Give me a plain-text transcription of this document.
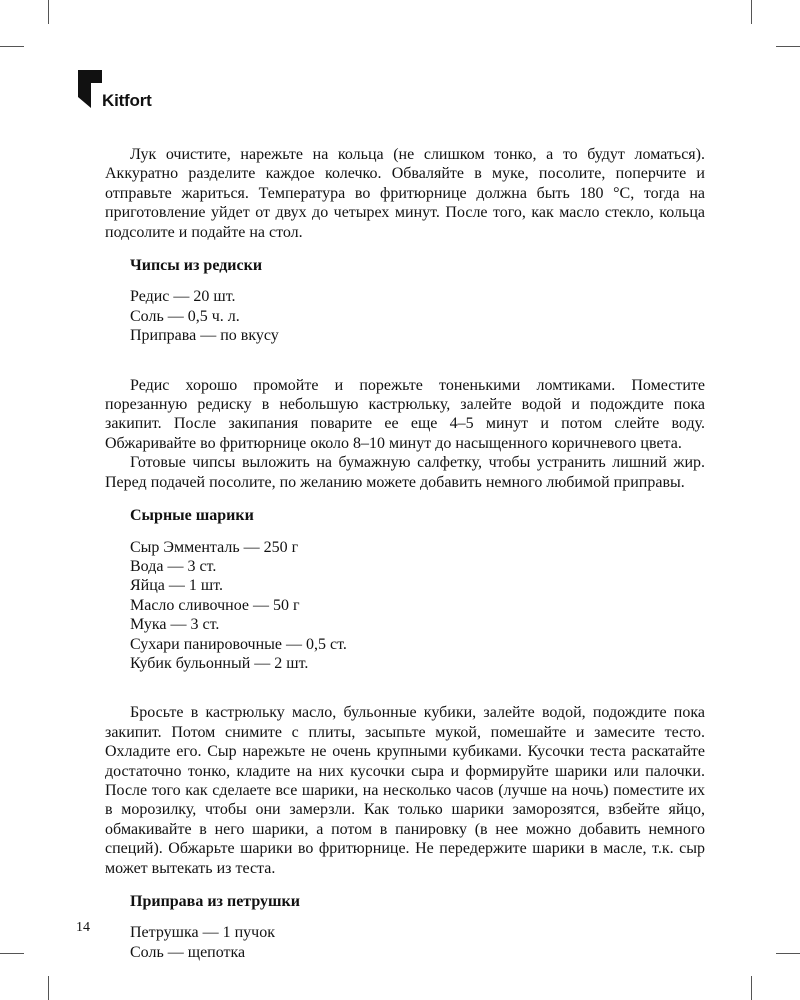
Kitfort

Лук очистите, нарежьте на кольца (не слишком тонко, а то будут ломаться). Аккуратно разделите каждое колечко. Обваляйте в муке, посолите, поперчите и отправьте жариться. Температура во фритюрнице должна быть 180 °С, тогда на приготовление уйдет от двух до четырех минут. После того, как масло стекло, кольца подсолите и подайте на стол.

Чипсы из редиски
Редис — 20 шт.
Соль — 0,5 ч. л.
Приправа — по вкусу

Редис хорошо промойте и порежьте тоненькими ломтиками. Поместите порезанную редиску в небольшую кастрюльку, залейте водой и подождите пока закипит. После закипания поварите ее еще 4–5 минут и потом слейте воду. Обжаривайте во фритюрнице около 8–10 минут до насыщенного коричневого цвета.

Готовые чипсы выложить на бумажную салфетку, чтобы устранить лишний жир. Перед подачей посолите, по желанию можете добавить немного любимой приправы.

Сырные шарики
Сыр Эмменталь — 250 г
Вода — 3 ст.
Яйца — 1 шт.
Масло сливочное — 50 г
Мука — 3 ст.
Сухари панировочные — 0,5 ст.
Кубик бульонный — 2 шт.

Бросьте в кастрюльку масло, бульонные кубики, залейте водой, подождите пока закипит. Потом снимите с плиты, засыпьте мукой, помешайте и замесите тесто. Охладите его. Сыр нарежьте не очень крупными кубиками. Кусочки теста раскатайте достаточно тонко, кладите на них кусочки сыра и формируйте шарики или палочки. После того как сделаете все шарики, на несколько часов (лучше на ночь) поместите их в морозилку, чтобы они замерзли. Как только шарики заморозятся, взбейте яйцо, обмакивайте в него шарики, а потом в панировку (в нее можно добавить немного специй). Обжарьте шарики во фритюрнице. Не передержите шарики в масле, т.к. сыр может вытекать из теста.

Приправа из петрушки
Петрушка — 1 пучок
Соль — щепотка
14
